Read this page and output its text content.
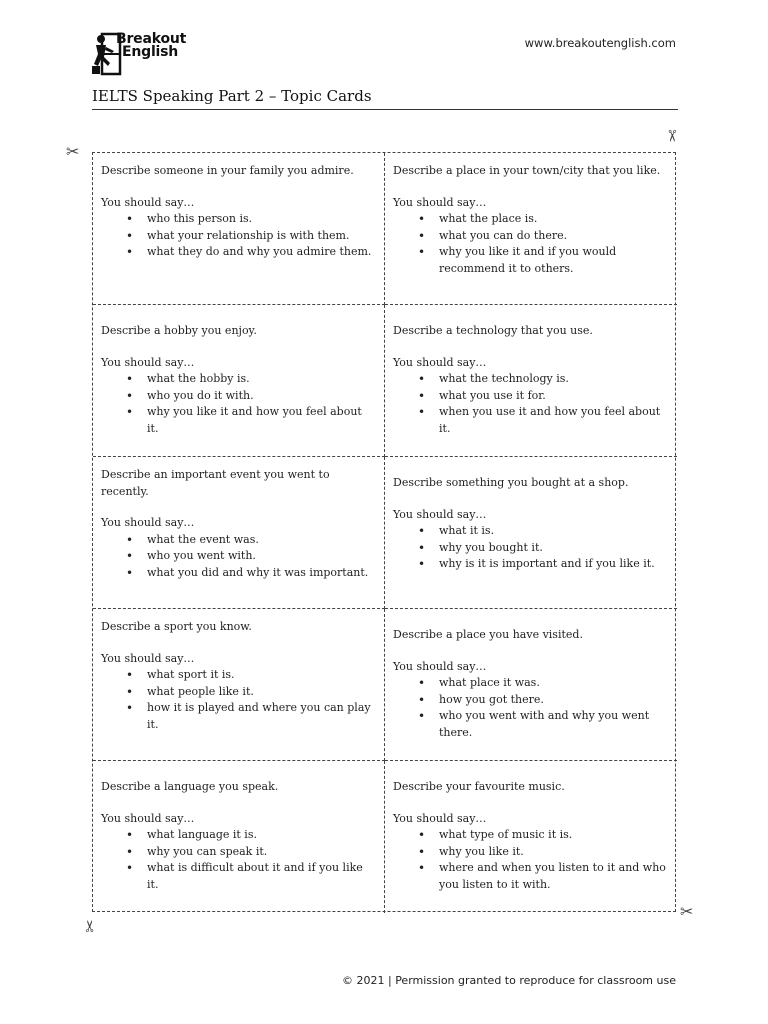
Breakout
English
www.breakoutenglish.com
IELTS Speaking Part 2 – Topic Cards
✂
✂
✂
✂

Describe someone in your family you admire.

You should say…

• who this person is.
• what your relationship is with them.
• what they do and why you admire them.

Describe a place in your town/city that you like.

You should say…

• what the place is.
• what you can do there.
• why you like it and if you would recommend it to others.

Describe a hobby you enjoy.

You should say…

• what the hobby is.
• who you do it with.
• why you like it and how you feel about it.

Describe a technology that you use.

You should say…

• what the technology is.
• what you use it for.
• when you use it and how you feel about it.

Describe an important event you went to recently.

You should say…

• what the event was.
• who you went with.
• what you did and why it was important.

Describe something you bought at a shop.

You should say…

• what it is.
• why you bought it.
• why is it is important and if you like it.

Describe a sport you know.

You should say…

• what sport it is.
• what people like it.
• how it is played and where you can play it.

Describe a place you have visited.

You should say…

• what place it was.
• how you got there.
• who you went with and why you went there.

Describe a language you speak.

You should say…

• what language it is.
• why you can speak it.
• what is difficult about it and if you like it.

Describe your favourite music.

You should say…

• what type of music it is.
• why you like it.
• where and when you listen to it and who you listen to it with.
© 2021 | Permission granted to reproduce for classroom use
